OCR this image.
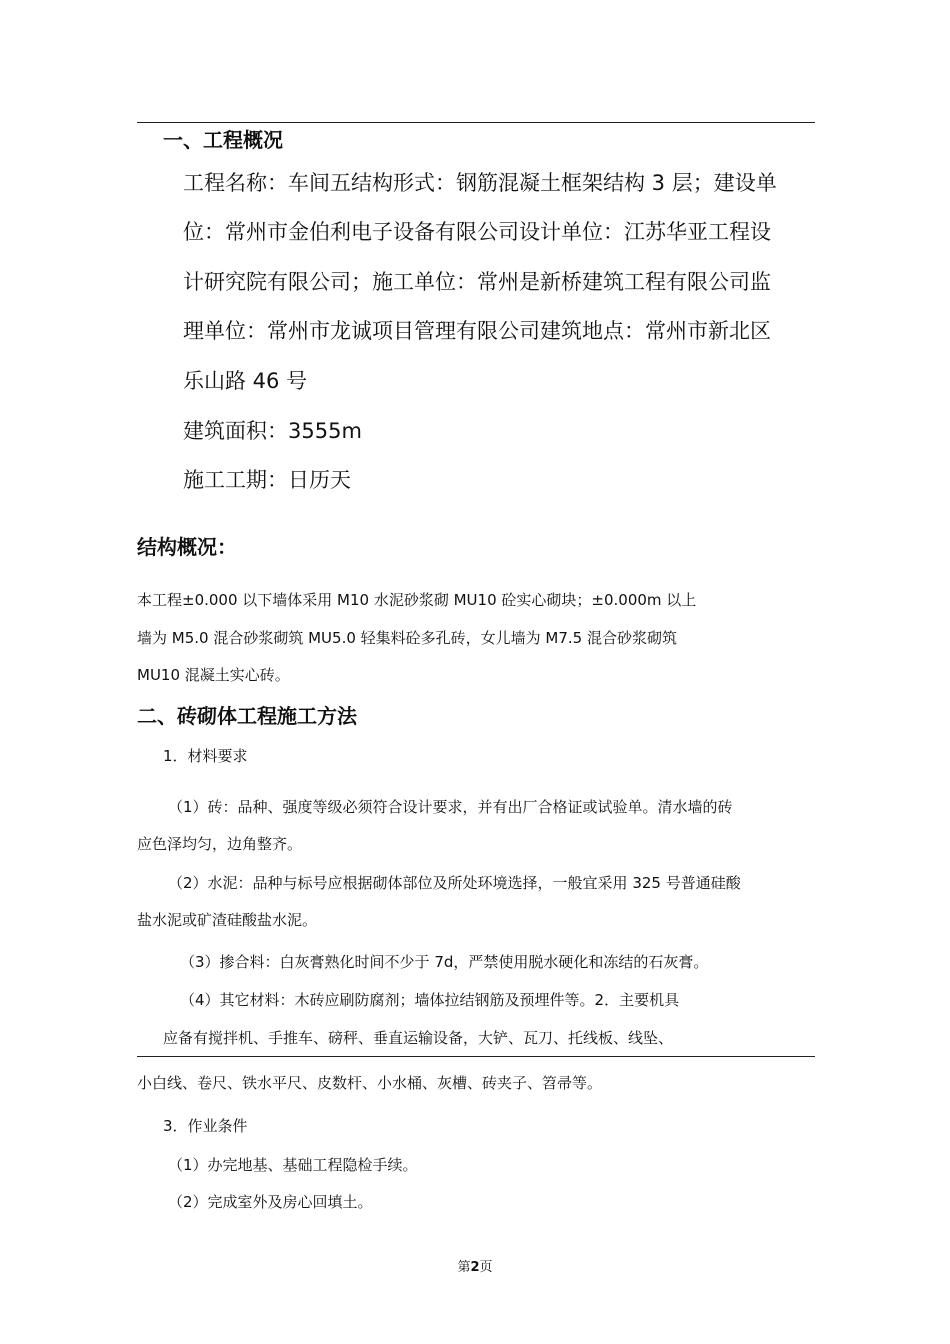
一、工程概况
工程名称：车间五结构形式：钢筋混凝土框架结构 3 层；建设单
位：常州市金伯利电子设备有限公司设计单位：江苏华亚工程设
计研究院有限公司；施工单位：常州是新桥建筑工程有限公司监
理单位：常州市龙诚项目管理有限公司建筑地点：常州市新北区
乐山路 46 号
建筑面积：3555m
施工工期：日历天
结构概况：
本工程±0.000 以下墙体采用 M10 水泥砂浆砌 MU10 砼实心砌块；±0.000m 以上
墙为 M5.0 混合砂浆砌筑 MU5.0 轻集料砼多孔砖，女儿墙为 M7.5 混合砂浆砌筑
MU10 混凝土实心砖。
二、砖砌体工程施工方法
1．材料要求
（1）砖：品种、强度等级必须符合设计要求，并有出厂合格证或试验单。清水墙的砖
应色泽均匀，边角整齐。
（2）水泥：品种与标号应根据砌体部位及所处环境选择，一般宜采用 325 号普通硅酸
盐水泥或矿渣硅酸盐水泥。
（3）掺合料：白灰膏熟化时间不少于 7d，严禁使用脱水硬化和冻结的石灰膏。
（4）其它材料：木砖应刷防腐剂；墙体拉结钢筋及预埋件等。2．主要机具
应备有搅拌机、手推车、磅秤、垂直运输设备，大铲、瓦刀、托线板、线坠、
小白线、卷尺、铁水平尺、皮数杆、小水桶、灰槽、砖夹子、笤帚等。
3．作业条件
（1）办完地基、基础工程隐检手续。
（2）完成室外及房心回填土。
第2页
